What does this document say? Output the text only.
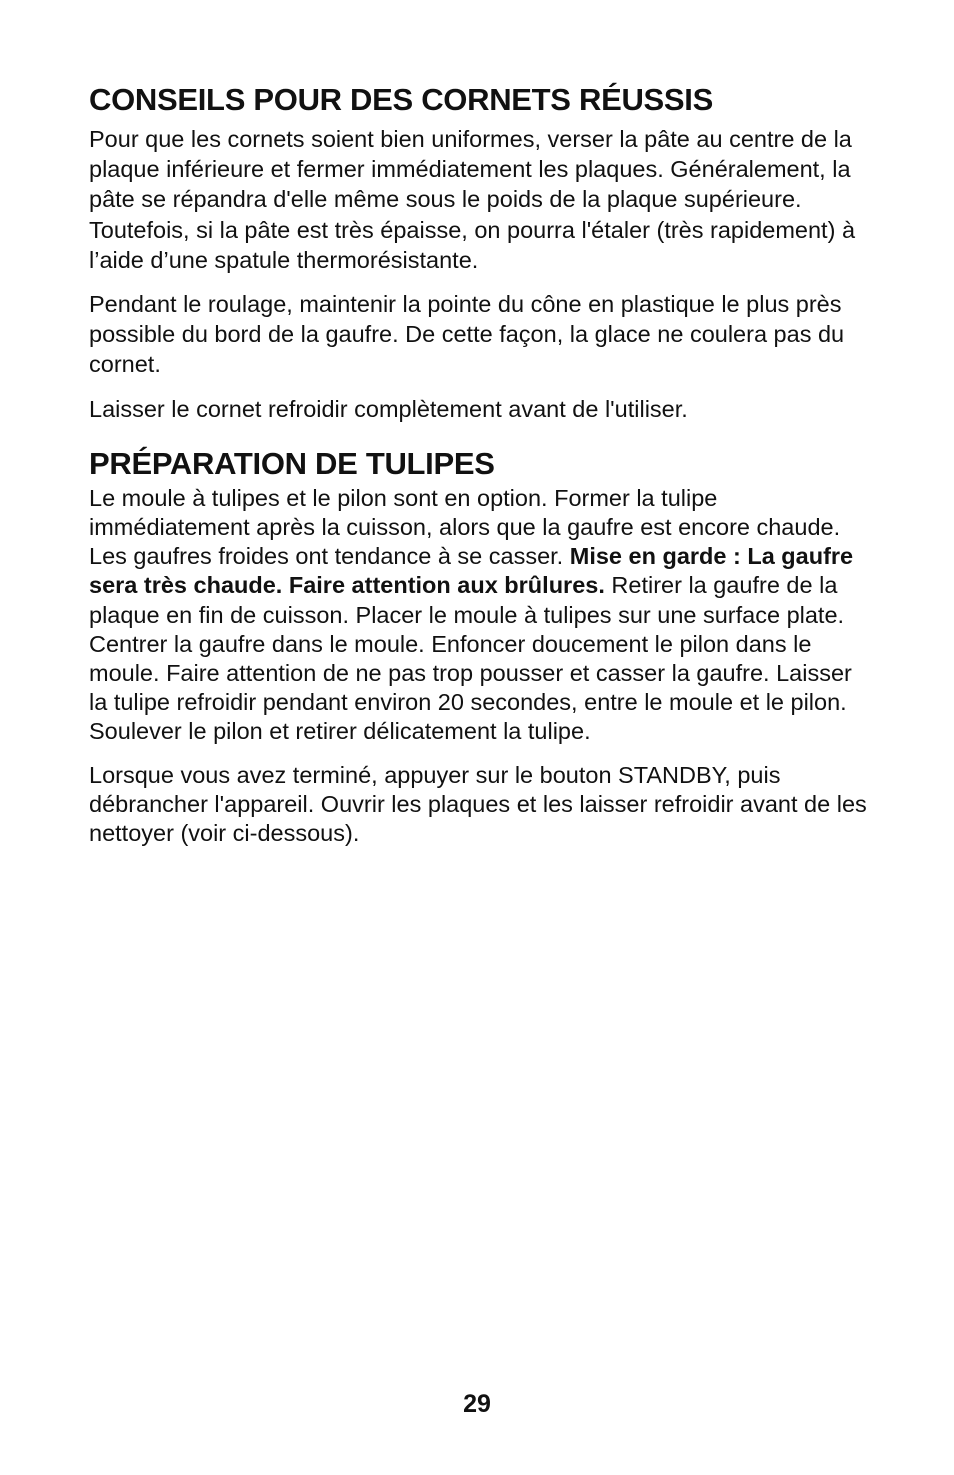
CONSEILS POUR DES CORNETS RÉUSSIS

Pour que les cornets soient bien uniformes, verser la pâte au centre de la plaque inférieure et fermer immédiatement les plaques. Généralement, la pâte se répandra d'elle même sous le poids de la plaque supérieure. Toutefois, si la pâte est très épaisse, on pourra l'étaler (très rapidement) à l’aide d’une spatule thermorésistante.

Pendant le roulage, maintenir la pointe du cône en plastique le plus près possible du bord de la gaufre. De cette façon, la glace ne coulera pas du cornet.

Laisser le cornet refroidir complètement avant de l'utiliser.

PRÉPARATION DE TULIPES

Le moule à tulipes et le pilon sont en option. Former la tulipe immédiatement après la cuisson, alors que la gaufre est encore chaude. Les gaufres froides ont tendance à se casser. Mise en garde : La gaufre sera très chaude. Faire attention aux brûlures. Retirer la gaufre de la plaque en fin de cuisson. Placer le moule à tulipes sur une surface plate. Centrer la gaufre dans le moule. Enfoncer doucement le pilon dans le moule. Faire attention de ne pas trop pousser et casser la gaufre. Laisser la tulipe refroidir pendant environ 20 secondes, entre le moule et le pilon. Soulever le pilon et retirer délicatement la tulipe.

Lorsque vous avez terminé, appuyer sur le bouton STANDBY, puis débrancher l'appareil. Ouvrir les plaques et les laisser refroidir avant de les nettoyer (voir ci-dessous).

29
